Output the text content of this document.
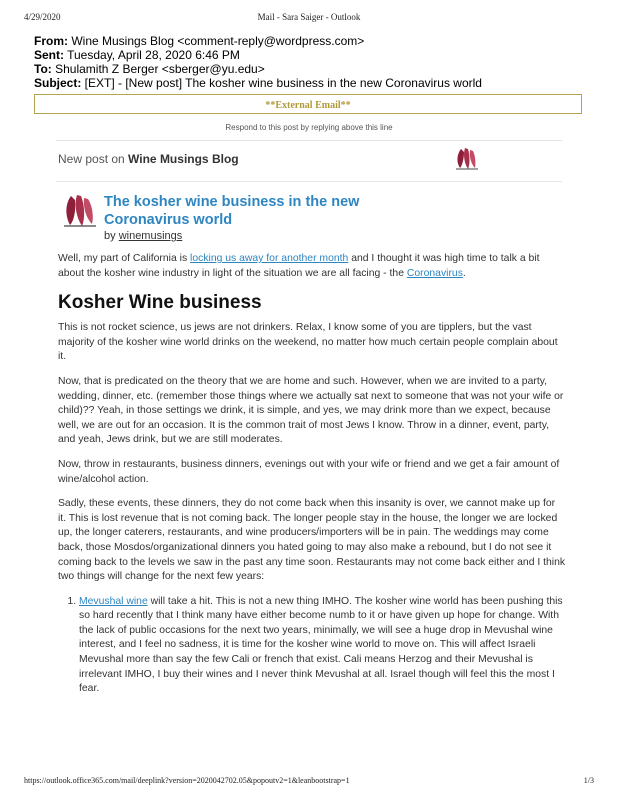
4/29/2020	Mail - Sara Saiger - Outlook
From: Wine Musings Blog <comment-reply@wordpress.com>
Sent: Tuesday, April 28, 2020 6:46 PM
To: Shulamith Z Berger <sberger@yu.edu>
Subject: [EXT] - [New post] The kosher wine business in the new Coronavirus world
**External Email**
Respond to this post by replying above this line
New post on Wine Musings Blog
The kosher wine business in the new Coronavirus world
by winemusings

Well, my part of California is locking us away for another month and I thought it was high time to talk a bit about the kosher wine industry in light of the situation we are all facing - the Coronavirus.

Kosher Wine business

This is not rocket science, us jews are not drinkers. Relax, I know some of you are tipplers, but the vast majority of the kosher wine world drinks on the weekend, no matter how much certain people complain about it.

Now, that is predicated on the theory that we are home and such. However, when we are invited to a party, wedding, dinner, etc. (remember those things where we actually sat next to someone that was not your wife or child)?? Yeah, in those settings we drink, it is simple, and yes, we may drink more than we expect, because well, we are out for an occasion. It is the common trait of most Jews I know. Throw in a dinner, event, party, and yeah, Jews drink, but we are still moderates.

Now, throw in restaurants, business dinners, evenings out with your wife or friend and we get a fair amount of wine/alcohol action.

Sadly, these events, these dinners, they do not come back when this insanity is over, we cannot make up for it. This is lost revenue that is not coming back. The longer people stay in the house, the longer we are locked up, the longer caterers, restaurants, and wine producers/importers will be in pain. The weddings may come back, those Mosdos/organizational dinners you hated going to may also make a rebound, but I do not see it coming back to the levels we saw in the past any time soon. Restaurants may not come back either and I think two things will change for the next few years:

1. Mevushal wine will take a hit. This is not a new thing IMHO. The kosher wine world has been pushing this so hard recently that I think many have either become numb to it or have given up hope for change. With the lack of public occasions for the next two years, minimally, we will see a huge drop in Mevushal wine interest, and I feel no sadness, it is time for the kosher wine world to move on. This will affect Israeli Mevushal more than say the few Cali or french that exist. Cali means Herzog and their Mevushal is irrelevant IMHO, I buy their wines and I never think Mevushal at all. Israel though will feel this the most I fear.
https://outlook.office365.com/mail/deeplink?version=2020042702.05&popoutv2=1&leanbootstrap=1	1/3
